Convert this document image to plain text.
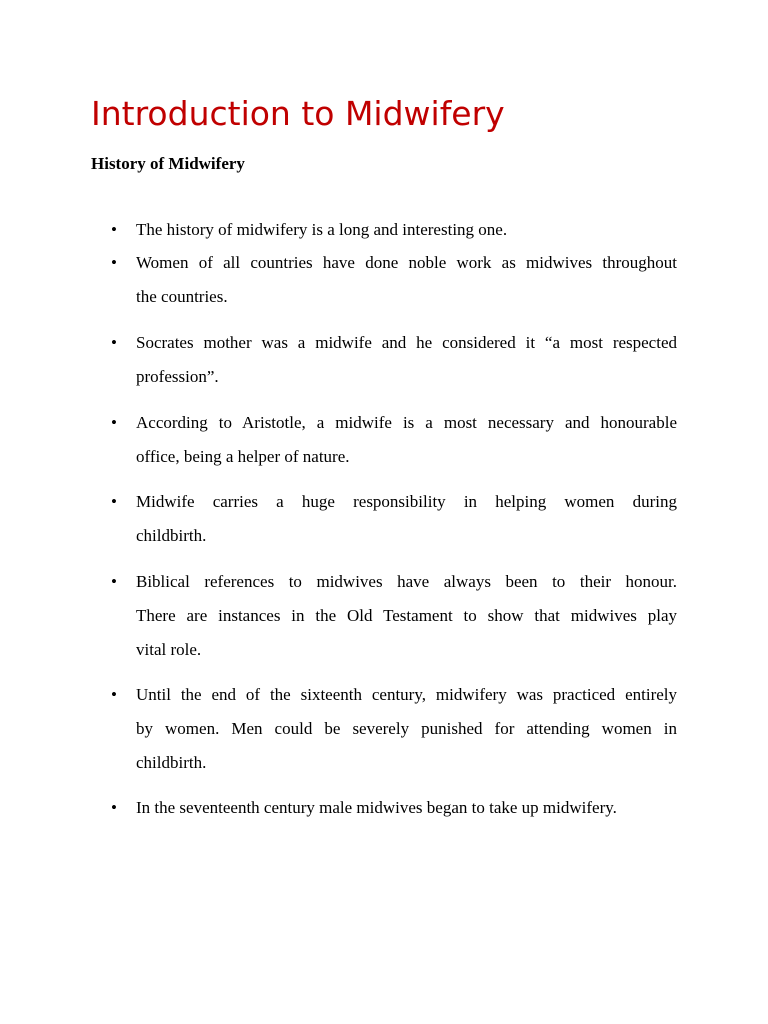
Introduction to Midwifery
History of Midwifery
•	The history of midwifery is a long and interesting one.

•	Women of all countries have done noble work as midwives throughout
the countries.

•	Socrates mother was a midwife and he considered it “a most respected
profession”.

•	According to Aristotle, a midwife is a most necessary and honourable
office, being a helper of nature.

•	Midwife carries a huge responsibility in helping women during
childbirth.

•	Biblical references to midwives have always been to their honour.
There are instances in the Old Testament to show that midwives play
vital role.

•	Until the end of the sixteenth century, midwifery was practiced entirely
by women. Men could be severely punished for attending women in
childbirth.

•	In the seventeenth century male midwives began to take up midwifery.
